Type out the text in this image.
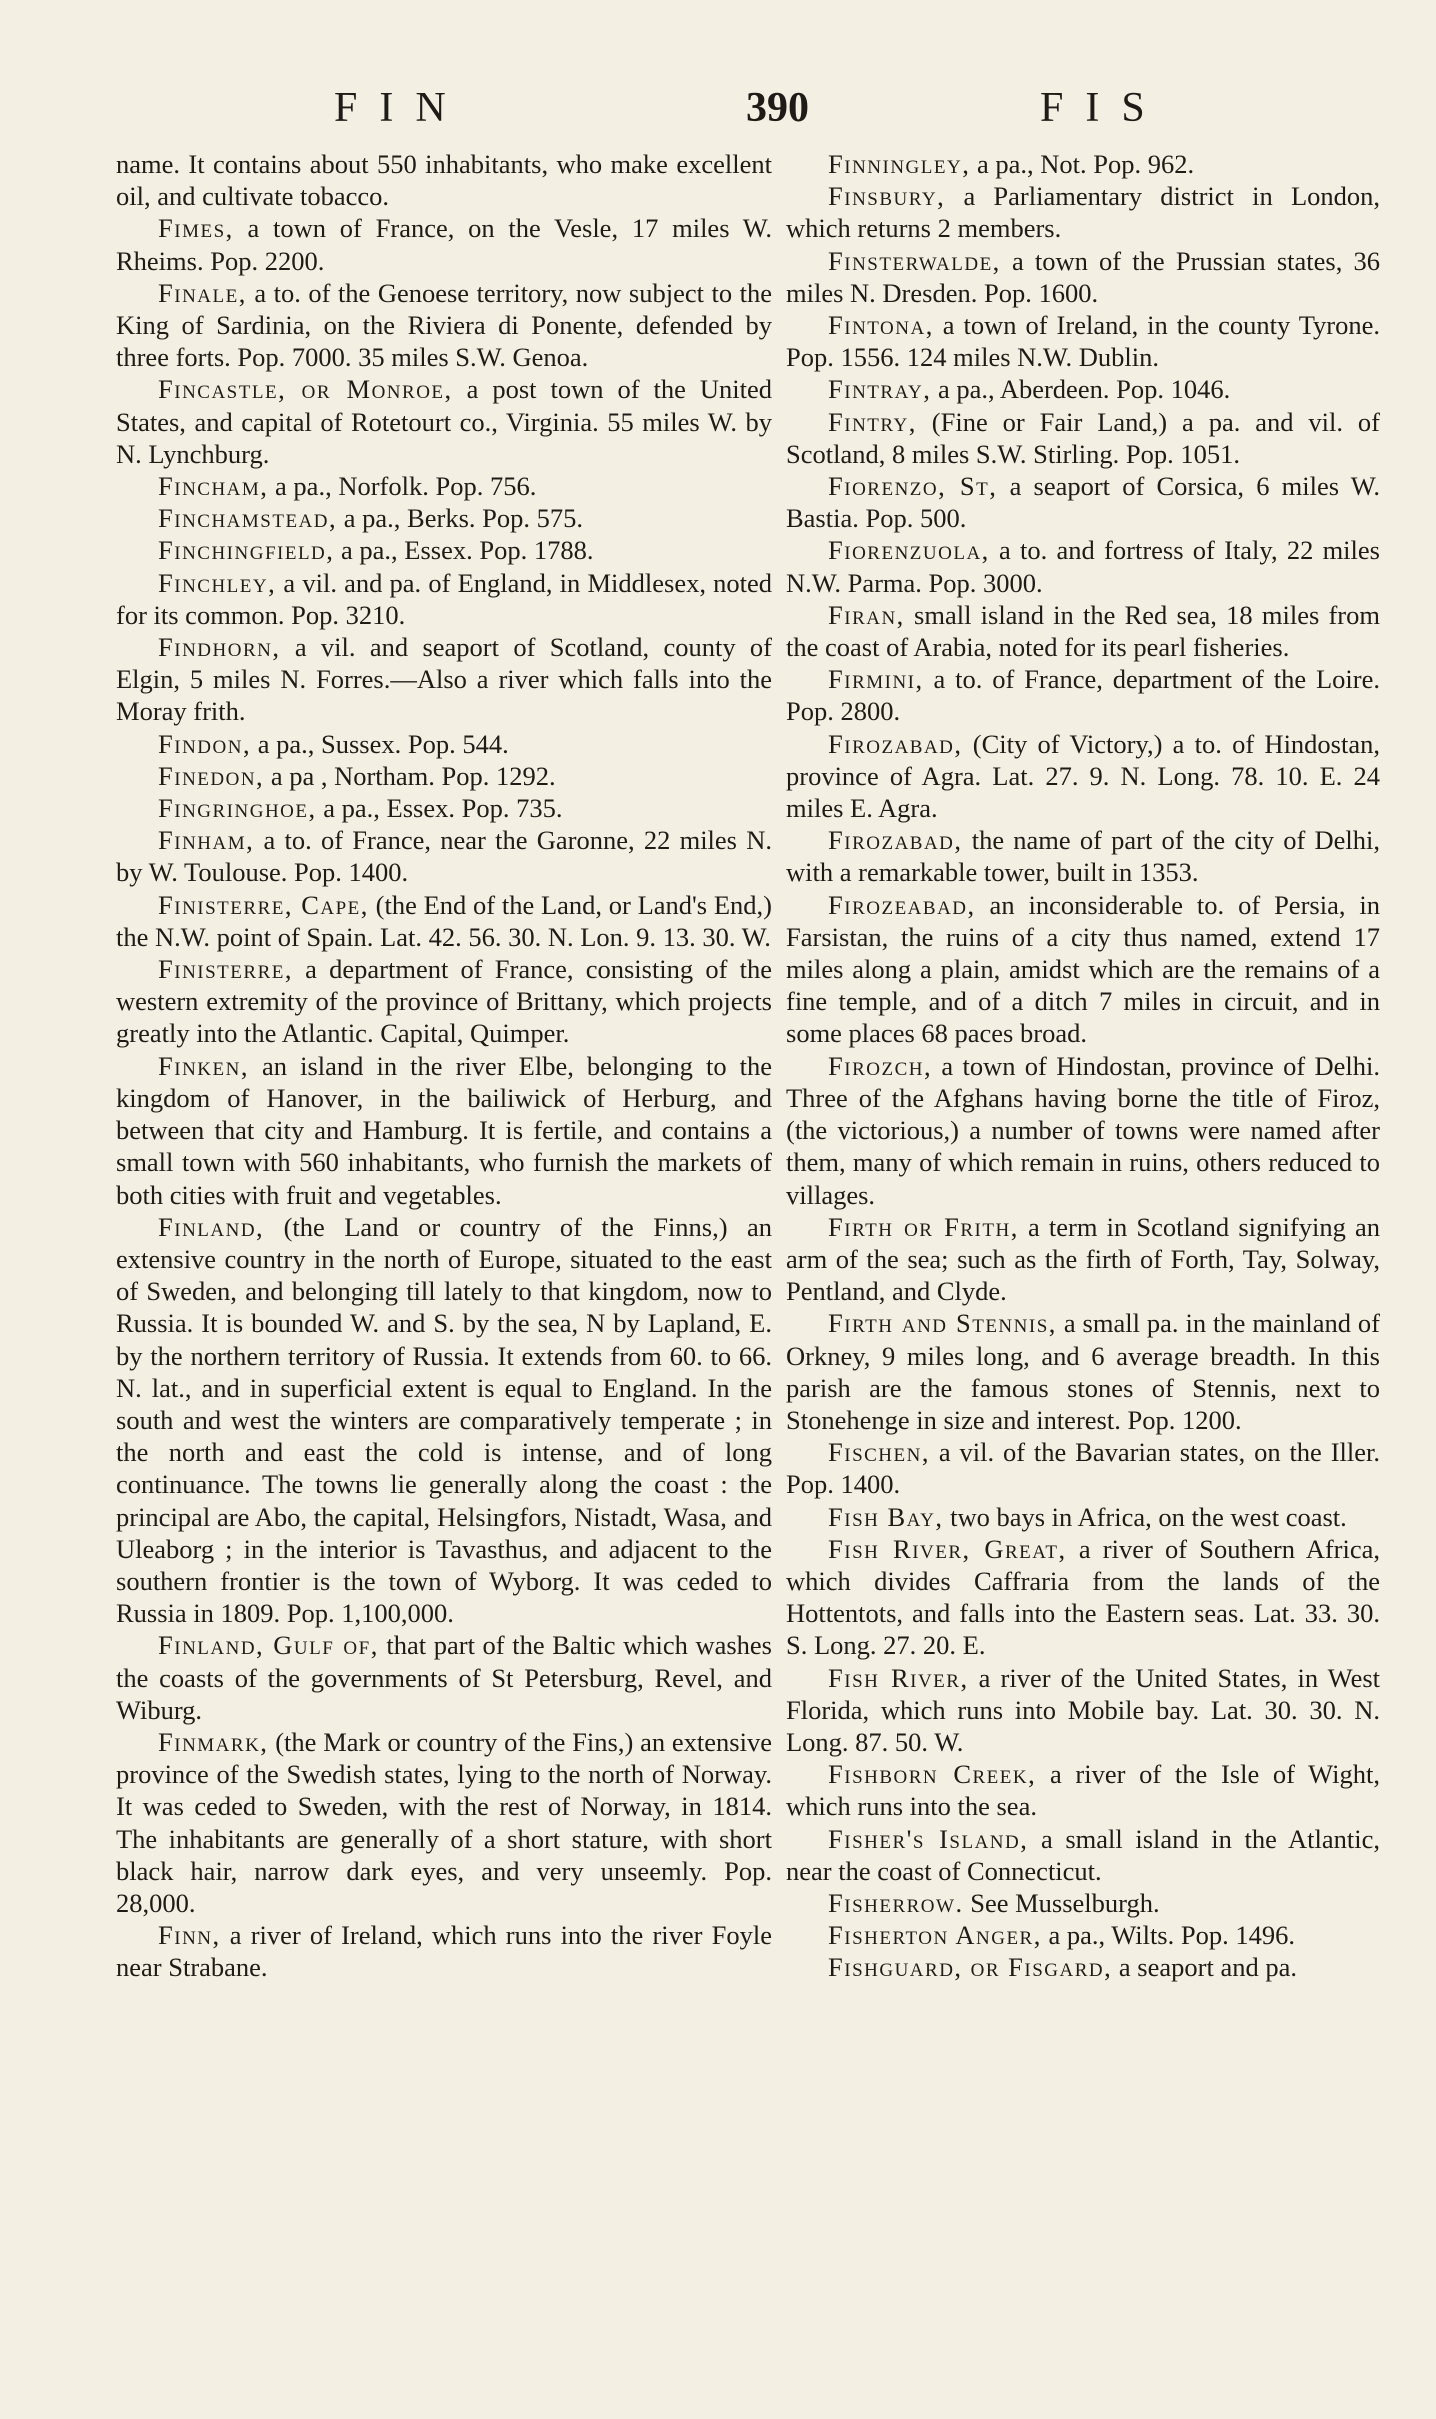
FIN	390	FIS

name. It contains about 550 inhabitants, who make excellent oil, and cultivate tobacco.

Fimes, a town of France, on the Vesle, 17 miles W. Rheims. Pop. 2200.

Finale, a to. of the Genoese territory, now subject to the King of Sardinia, on the Riviera di Ponente, defended by three forts. Pop. 7000. 35 miles S.W. Genoa.

Fincastle, or Monroe, a post town of the United States, and capital of Rotetourt co., Virginia. 55 miles W. by N. Lynchburg.

Fincham, a pa., Norfolk. Pop. 756.

Finchamstead, a pa., Berks. Pop. 575.

Finchingfield, a pa., Essex. Pop. 1788.

Finchley, a vil. and pa. of England, in Middlesex, noted for its common. Pop. 3210.

Findhorn, a vil. and seaport of Scotland, county of Elgin, 5 miles N. Forres.—Also a river which falls into the Moray frith.

Findon, a pa., Sussex. Pop. 544.

Finedon, a pa , Northam. Pop. 1292.

Fingringhoe, a pa., Essex. Pop. 735.

Finham, a to. of France, near the Garonne, 22 miles N. by W. Toulouse. Pop. 1400.

Finisterre, Cape, (the End of the Land, or Land's End,) the N.W. point of Spain. Lat. 42. 56. 30. N. Lon. 9. 13. 30. W.

Finisterre, a department of France, consisting of the western extremity of the province of Brittany, which projects greatly into the Atlantic. Capital, Quimper.

Finken, an island in the river Elbe, belonging to the kingdom of Hanover, in the bailiwick of Herburg, and between that city and Hamburg. It is fertile, and contains a small town with 560 inhabitants, who furnish the markets of both cities with fruit and vegetables.

Finland, (the Land or country of the Finns,) an extensive country in the north of Europe, situated to the east of Sweden, and belonging till lately to that kingdom, now to Russia. It is bounded W. and S. by the sea, N by Lapland, E. by the northern territory of Russia. It extends from 60. to 66. N. lat., and in superficial extent is equal to England. In the south and west the winters are comparatively temperate ; in the north and east the cold is intense, and of long continuance. The towns lie generally along the coast : the principal are Abo, the capital, Helsingfors, Nistadt, Wasa, and Uleaborg ; in the interior is Tavasthus, and adjacent to the southern frontier is the town of Wyborg. It was ceded to Russia in 1809. Pop. 1,100,000.

Finland, Gulf of, that part of the Baltic which washes the coasts of the governments of St Petersburg, Revel, and Wiburg.

Finmark, (the Mark or country of the Fins,) an extensive province of the Swedish states, lying to the north of Norway. It was ceded to Sweden, with the rest of Norway, in 1814. The inhabitants are generally of a short stature, with short black hair, narrow dark eyes, and very unseemly. Pop. 28,000.

Finn, a river of Ireland, which runs into the river Foyle near Strabane.

Finningley, a pa., Not. Pop. 962.

Finsbury, a Parliamentary district in London, which returns 2 members.

Finsterwalde, a town of the Prussian states, 36 miles N. Dresden. Pop. 1600.

Fintona, a town of Ireland, in the county Tyrone. Pop. 1556. 124 miles N.W. Dublin.

Fintray, a pa., Aberdeen. Pop. 1046.

Fintry, (Fine or Fair Land,) a pa. and vil. of Scotland, 8 miles S.W. Stirling. Pop. 1051.

Fiorenzo, St, a seaport of Corsica, 6 miles W. Bastia. Pop. 500.

Fiorenzuola, a to. and fortress of Italy, 22 miles N.W. Parma. Pop. 3000.

Firan, small island in the Red sea, 18 miles from the coast of Arabia, noted for its pearl fisheries.

Firmini, a to. of France, department of the Loire. Pop. 2800.

Firozabad, (City of Victory,) a to. of Hindostan, province of Agra. Lat. 27. 9. N. Long. 78. 10. E. 24 miles E. Agra.

Firozabad, the name of part of the city of Delhi, with a remarkable tower, built in 1353.

Firozeabad, an inconsiderable to. of Persia, in Farsistan, the ruins of a city thus named, extend 17 miles along a plain, amidst which are the remains of a fine temple, and of a ditch 7 miles in circuit, and in some places 68 paces broad.

Firozch, a town of Hindostan, province of Delhi. Three of the Afghans having borne the title of Firoz, (the victorious,) a number of towns were named after them, many of which remain in ruins, others reduced to villages.

Firth or Frith, a term in Scotland signifying an arm of the sea; such as the firth of Forth, Tay, Solway, Pentland, and Clyde.

Firth and Stennis, a small pa. in the mainland of Orkney, 9 miles long, and 6 average breadth. In this parish are the famous stones of Stennis, next to Stonehenge in size and interest. Pop. 1200.

Fischen, a vil. of the Bavarian states, on the Iller. Pop. 1400.

Fish Bay, two bays in Africa, on the west coast.

Fish River, Great, a river of Southern Africa, which divides Caffraria from the lands of the Hottentots, and falls into the Eastern seas. Lat. 33. 30. S. Long. 27. 20. E.

Fish River, a river of the United States, in West Florida, which runs into Mobile bay. Lat. 30. 30. N. Long. 87. 50. W.

Fishborn Creek, a river of the Isle of Wight, which runs into the sea.

Fisher's Island, a small island in the Atlantic, near the coast of Connecticut.

Fisherrow. See Musselburgh.

Fisherton Anger, a pa., Wilts. Pop. 1496.

Fishguard, or Fisgard, a seaport and pa.
